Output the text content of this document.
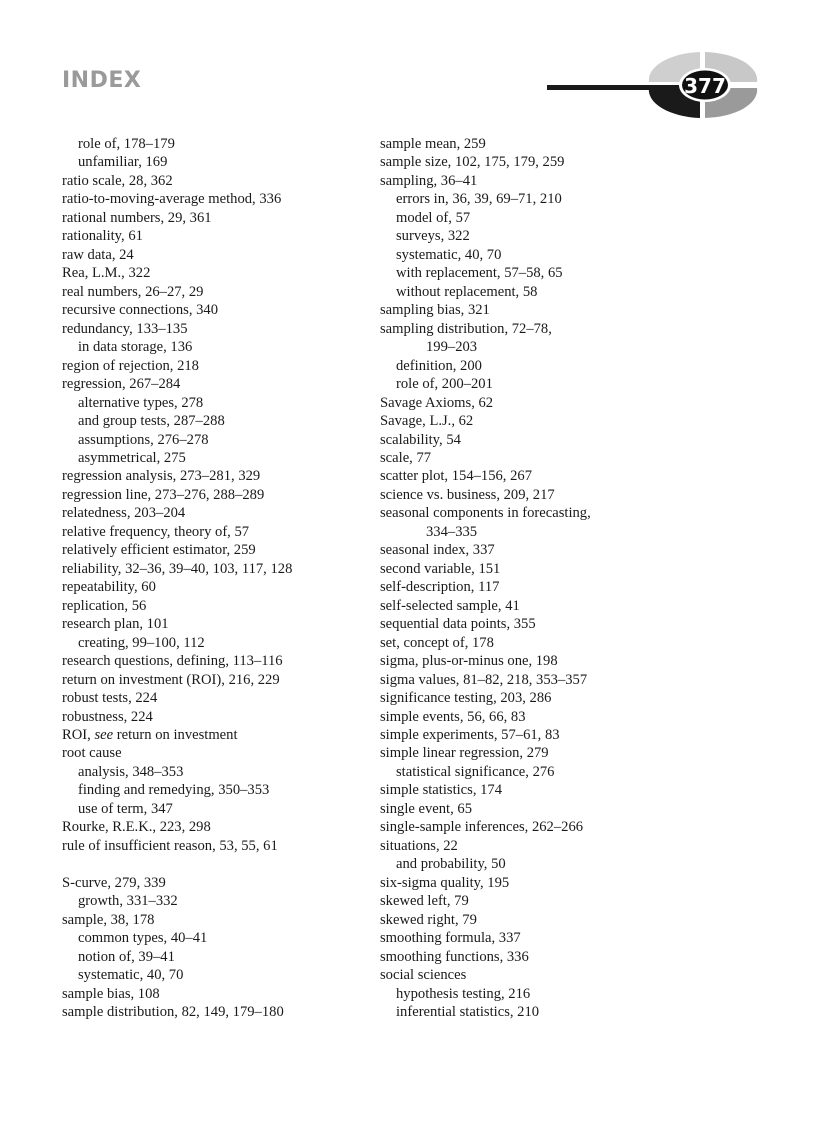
INDEX	377
role of, 178–179
unfamiliar, 169
ratio scale, 28, 362
ratio-to-moving-average method, 336
rational numbers, 29, 361
rationality, 61
raw data, 24
Rea, L.M., 322
real numbers, 26–27, 29
recursive connections, 340
redundancy, 133–135
in data storage, 136
region of rejection, 218
regression, 267–284
alternative types, 278
and group tests, 287–288
assumptions, 276–278
asymmetrical, 275
regression analysis, 273–281, 329
regression line, 273–276, 288–289
relatedness, 203–204
relative frequency, theory of, 57
relatively efficient estimator, 259
reliability, 32–36, 39–40, 103, 117, 128
repeatability, 60
replication, 56
research plan, 101
creating, 99–100, 112
research questions, defining, 113–116
return on investment (ROI), 216, 229
robust tests, 224
robustness, 224
ROI, see return on investment
root cause
analysis, 348–353
finding and remedying, 350–353
use of term, 347
Rourke, R.E.K., 223, 298
rule of insufficient reason, 53, 55, 61
S-curve, 279, 339
growth, 331–332
sample, 38, 178
common types, 40–41
notion of, 39–41
systematic, 40, 70
sample bias, 108
sample distribution, 82, 149, 179–180
sample mean, 259
sample size, 102, 175, 179, 259
sampling, 36–41
errors in, 36, 39, 69–71, 210
model of, 57
surveys, 322
systematic, 40, 70
with replacement, 57–58, 65
without replacement, 58
sampling bias, 321
sampling distribution, 72–78,
199–203
definition, 200
role of, 200–201
Savage Axioms, 62
Savage, L.J., 62
scalability, 54
scale, 77
scatter plot, 154–156, 267
science vs. business, 209, 217
seasonal components in forecasting,
334–335
seasonal index, 337
second variable, 151
self-description, 117
self-selected sample, 41
sequential data points, 355
set, concept of, 178
sigma, plus-or-minus one, 198
sigma values, 81–82, 218, 353–357
significance testing, 203, 286
simple events, 56, 66, 83
simple experiments, 57–61, 83
simple linear regression, 279
statistical significance, 276
simple statistics, 174
single event, 65
single-sample inferences, 262–266
situations, 22
and probability, 50
six-sigma quality, 195
skewed left, 79
skewed right, 79
smoothing formula, 337
smoothing functions, 336
social sciences
hypothesis testing, 216
inferential statistics, 210
